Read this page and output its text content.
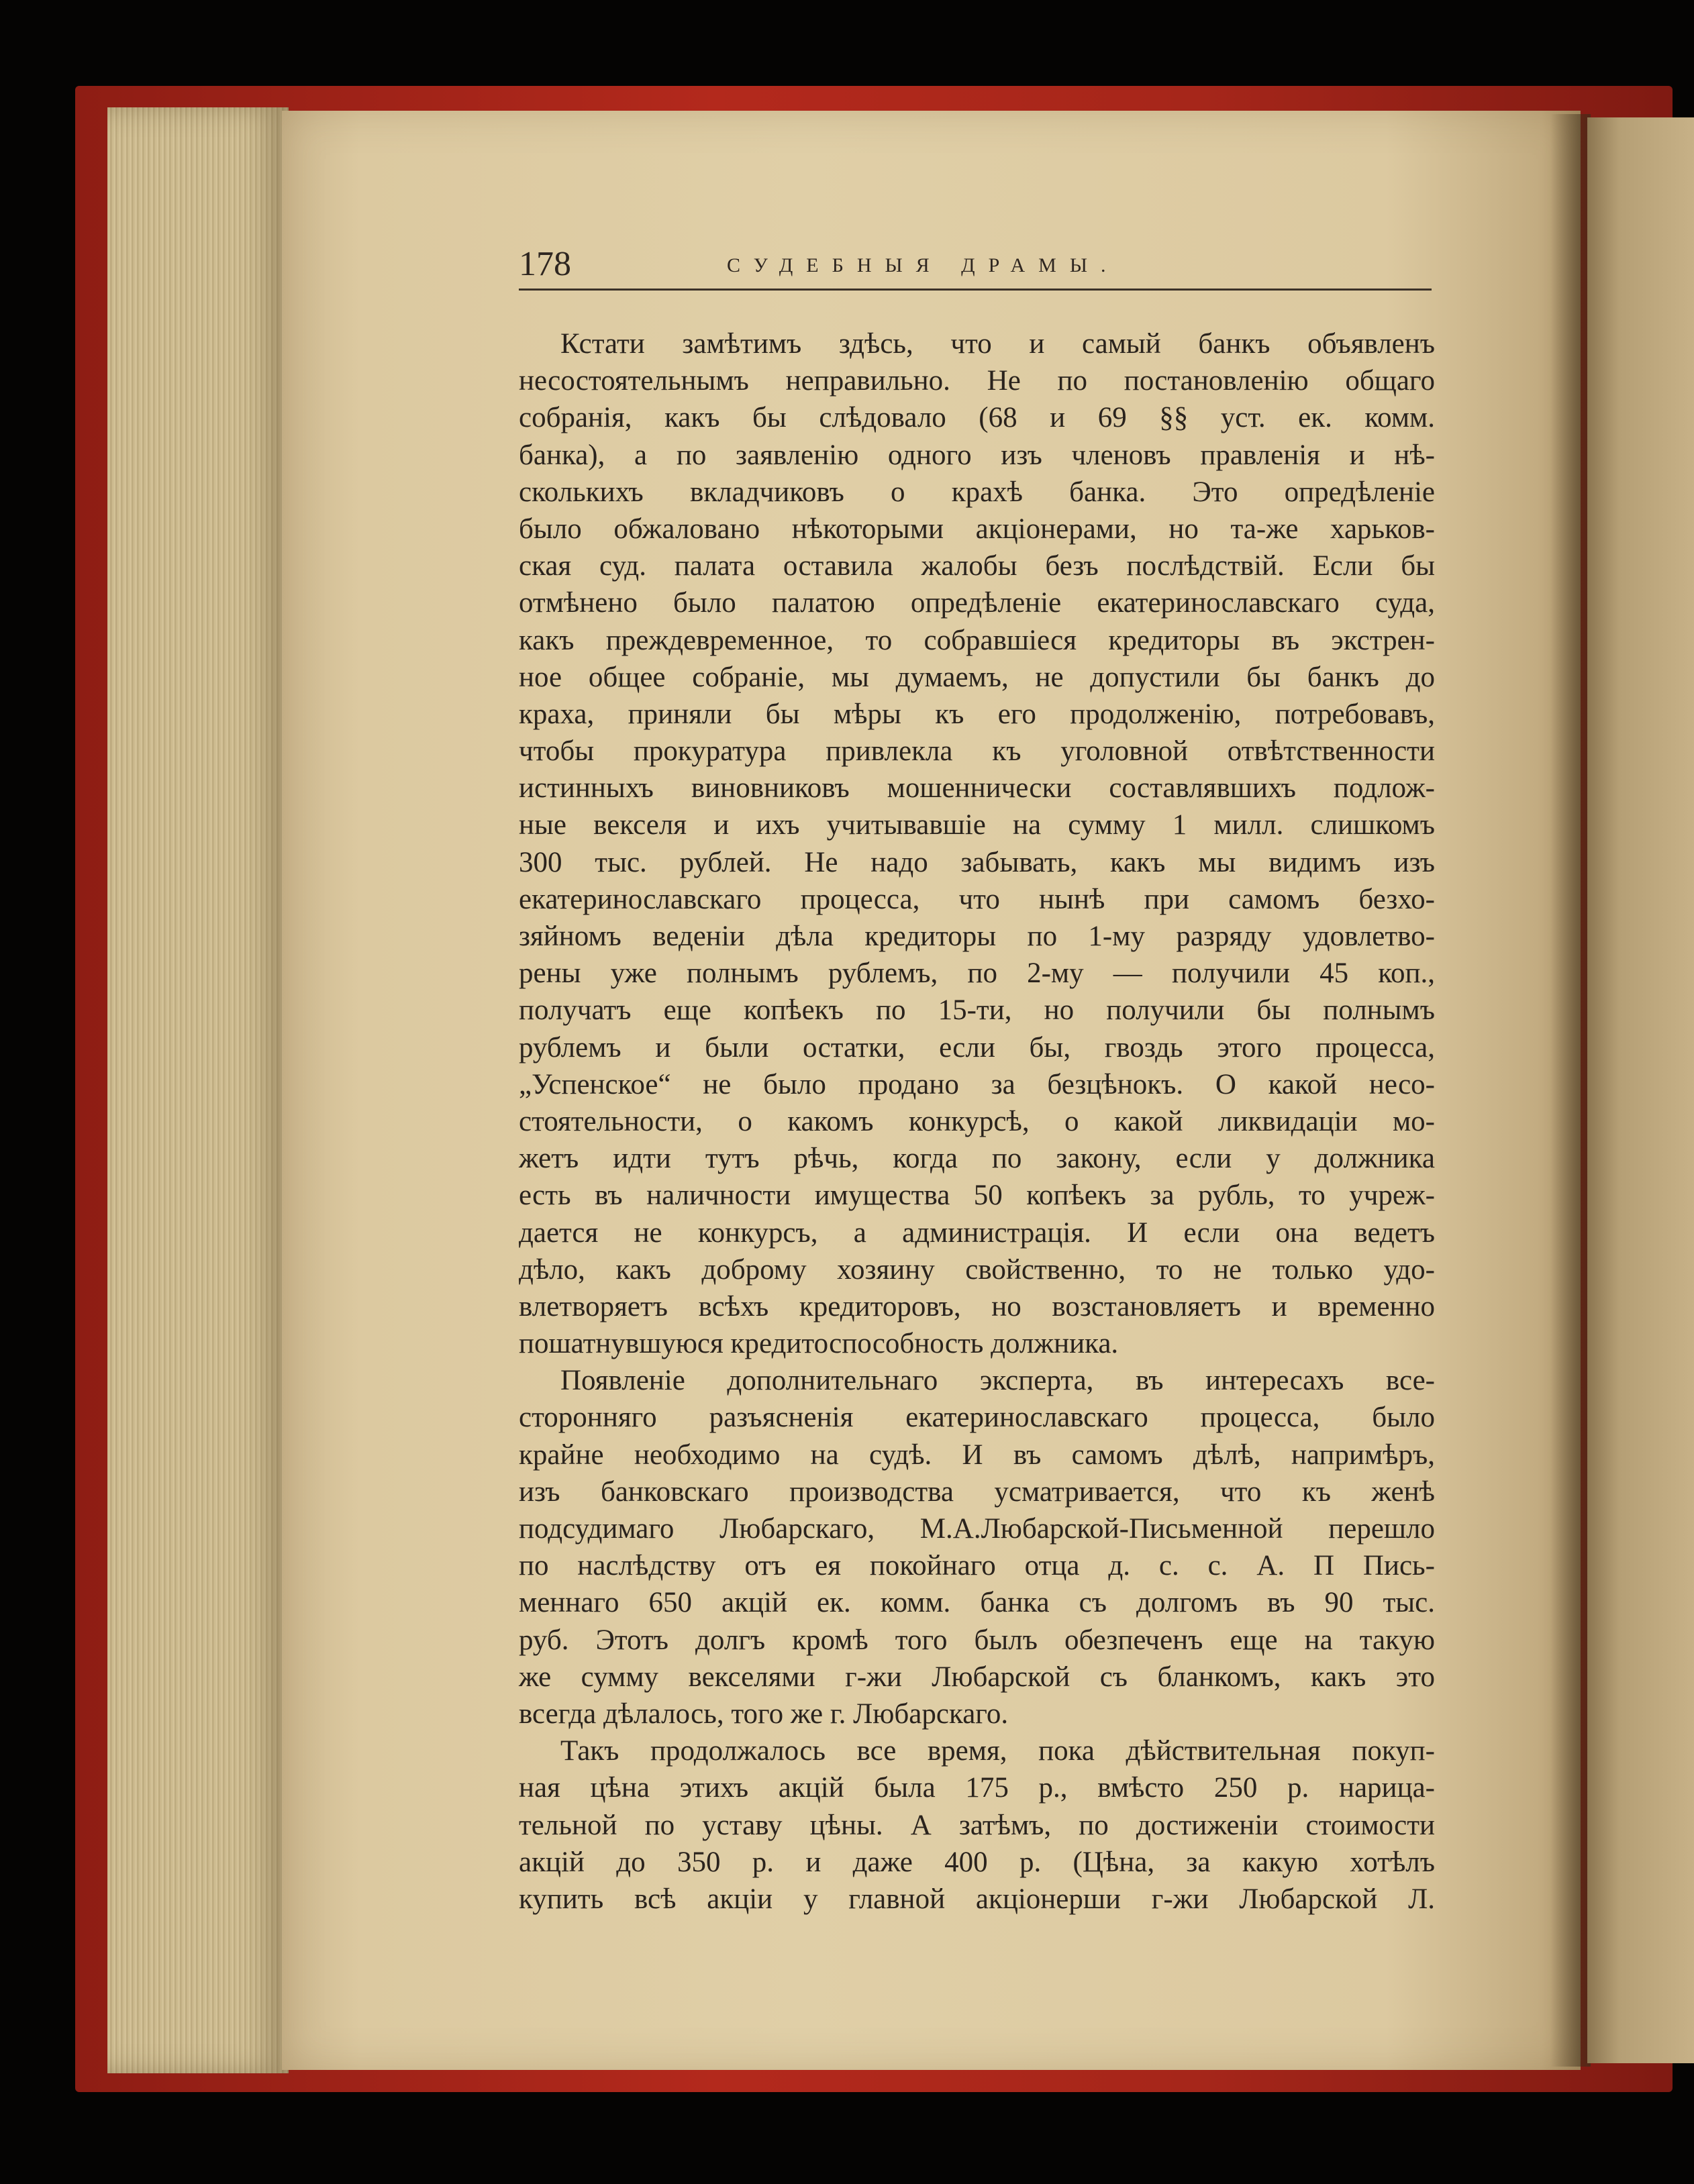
178	СУДЕБНЫЯ ДРАМЫ.
Кстати замѣтимъ здѣсь, что и самый банкъ объявленъ
несостоятельнымъ неправильно. Не по постановленію общаго
собранія, какъ бы слѣдовало (68 и 69 §§ уст. ек. комм.
банка), а по заявленію одного изъ членовъ правленія и нѣ-
сколькихъ вкладчиковъ о крахѣ банка. Это опредѣленіе
было обжаловано нѣкоторыми акціонерами, но та-же харьков-
ская суд. палата оставила жалобы безъ послѣдствій. Если бы
отмѣнено было палатою опредѣленіе екатеринославскаго суда,
какъ преждевременное, то собравшіеся кредиторы въ экстрен-
ное общее собраніе, мы думаемъ, не допустили бы банкъ до
краха, приняли бы мѣры къ его продолженію, потребовавъ,
чтобы прокуратура привлекла къ уголовной отвѣтственности
истинныхъ виновниковъ мошеннически составлявшихъ подлож-
ные векселя и ихъ учитывавшіе на сумму 1 милл. слишкомъ
300 тыс. рублей. Не надо забывать, какъ мы видимъ изъ
екатеринославскаго процесса, что нынѣ при самомъ безхо-
зяйномъ веденіи дѣла кредиторы по 1-му разряду удовлетво-
рены уже полнымъ рублемъ, по 2-му — получили 45 коп.,
получатъ еще копѣекъ по 15-ти, но получили бы полнымъ
рублемъ и были остатки, если бы, гвоздь этого процесса,
„Успенское“ не было продано за безцѣнокъ. О какой несо-
стоятельности, о какомъ конкурсѣ, о какой ликвидаціи мо-
жетъ идти тутъ рѣчь, когда по закону, если у должника
есть въ наличности имущества 50 копѣекъ за рубль, то учреж-
дается не конкурсъ, а администрація. И если она ведетъ
дѣло, какъ доброму хозяину свойственно, то не только удо-
влетворяетъ всѣхъ кредиторовъ, но возстановляетъ и временно
пошатнувшуюся кредитоспособность должника.
Появленіе дополнительнаго эксперта, въ интересахъ все-
сторонняго разъясненія екатеринославскаго процесса, было
крайне необходимо на судѣ. И въ самомъ дѣлѣ, напримѣръ,
изъ банковскаго производства усматривается, что къ женѣ
подсудимаго Любарскаго, М.А.Любарской-Письменной перешло
по наслѣдству отъ ея покойнаго отца д. с. с. А. П Пись-
меннаго 650 акцій ек. комм. банка съ долгомъ въ 90 тыс.
руб. Этотъ долгъ кромѣ того былъ обезпеченъ еще на такую
же сумму векселями г-жи Любарской съ бланкомъ, какъ это
всегда дѣлалось, того же г. Любарскаго.
Такъ продолжалось все время, пока дѣйствительная покуп-
ная цѣна этихъ акцій была 175 р., вмѣсто 250 р. нарица-
тельной по уставу цѣны. А затѣмъ, по достиженіи стоимости
акцій до 350 р. и даже 400 р. (Цѣна, за какую хотѣлъ
купить всѣ акціи у главной акціонерши г-жи Любарской Л.
